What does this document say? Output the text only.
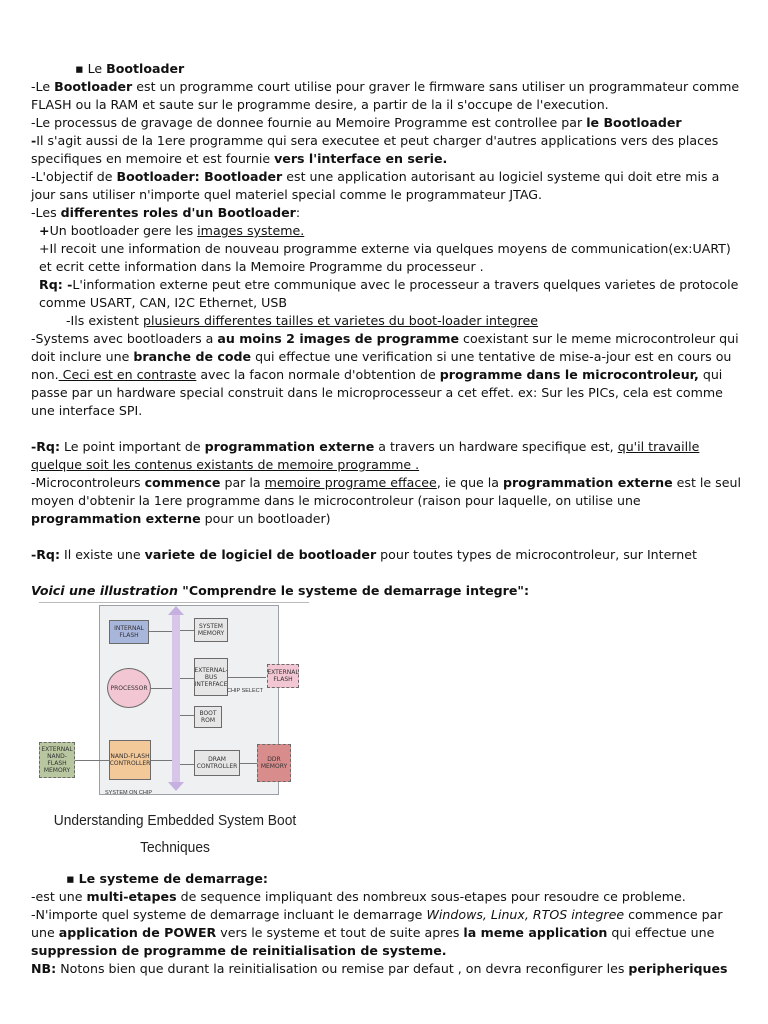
▪ Le Bootloader

-Le Bootloader est un programme court utilise pour graver le firmware sans utiliser un programmateur comme FLASH ou la RAM et saute sur le programme desire, a partir de la il s'occupe de l'execution.

-Le processus de gravage de donnee fournie au Memoire Programme est controllee par le Bootloader

-Il s'agit aussi de la 1ere programme qui sera executee et peut charger d'autres applications vers des places specifiques en memoire et est fournie vers l'interface en serie.

-L'objectif de Bootloader: Bootloader est une application autorisant au logiciel systeme qui doit etre mis a jour sans utiliser n'importe quel materiel special comme le programmateur JTAG.

-Les differentes roles d'un Bootloader:

+Un bootloader gere les images systeme.

+Il recoit une information de nouveau programme externe via quelques moyens de communication(ex:UART) et ecrit cette information dans la Memoire Programme du processeur .

Rq: -L'information externe peut etre communique avec le processeur a travers quelques varietes de protocole comme USART, CAN, I2C Ethernet, USB

-Ils existent plusieurs differentes tailles et varietes du boot-loader integree

-Systems avec bootloaders a au moins 2 images de programme coexistant sur le meme microcontroleur qui doit inclure une branche de code qui effectue une verification si une tentative de mise-a-jour est en cours ou non. Ceci est en contraste avec la facon normale d'obtention de programme dans le microcontroleur, qui passe par un hardware special construit dans le microprocesseur a cet effet. ex: Sur les PICs, cela est comme une interface SPI.

-Rq: Le point important de programmation externe a travers un hardware specifique est, qu'il travaille quelque soit les contenus existants de memoire programme .

-Microcontroleurs commence par la memoire programe effacee, ie que la programmation externe est le seul moyen d'obtenir la 1ere programme dans le microcontroleur (raison pour laquelle, on utilise une programmation externe pour un bootloader)

-Rq: Il existe une variete de logiciel de bootloader pour toutes types de microcontroleur, sur Internet

Voici une illustration "Comprendre le systeme de demarrage integre":

INTERNAL FLASH
PROCESSOR
NAND-FLASH CONTROLLER
SYSTEM MEMORY
EXTERNAL-BUS INTERFACE
BOOT ROM
DRAM CONTROLLER
CHIP SELECT
EXTERNAL FLASH
EXTERNAL NAND-FLASH MEMORY
DDR MEMORY
SYSTEM ON CHIP
Understanding Embedded System Boot
Techniques

▪ Le systeme de demarrage:

-est une multi-etapes de sequence impliquant des nombreux sous-etapes pour resoudre ce probleme.

-N'importe quel systeme de demarrage incluant le demarrage Windows, Linux, RTOS integree commence par une application de POWER vers le systeme et tout de suite apres la meme application qui effectue une suppression de programme de reinitialisation de systeme.

NB: Notons bien que durant la reinitialisation ou remise par defaut , on devra reconfigurer les peripheriques
